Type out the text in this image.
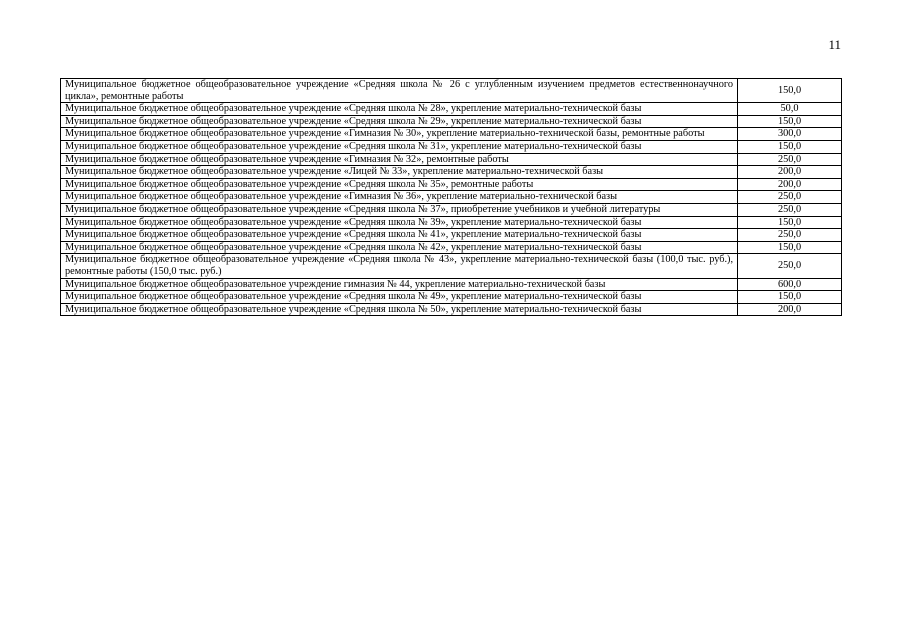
11
Муниципальное бюджетное общеобразовательное учреждение «Средняя школа № 26 с углубленным изучением предметов естественнонаучного цикла», ремонтные работы	150,0
Муниципальное бюджетное общеобразовательное учреждение «Средняя школа № 28», укрепление материально-технической базы	50,0
Муниципальное бюджетное общеобразовательное учреждение «Средняя школа № 29», укрепление материально-технической базы	150,0
Муниципальное бюджетное общеобразовательное учреждение «Гимназия № 30», укрепление материально-технической базы, ремонтные работы	300,0
Муниципальное бюджетное общеобразовательное учреждение «Средняя школа № 31», укрепление материально-технической базы	150,0
Муниципальное бюджетное общеобразовательное учреждение «Гимназия № 32», ремонтные работы	250,0
Муниципальное бюджетное общеобразовательное учреждение «Лицей № 33», укрепление материально-технической базы	200,0
Муниципальное бюджетное общеобразовательное учреждение «Средняя школа № 35», ремонтные работы	200,0
Муниципальное бюджетное общеобразовательное учреждение «Гимназия № 36», укрепление материально-технической базы	250,0
Муниципальное бюджетное общеобразовательное учреждение «Средняя школа № 37», приобретение учебников и учебной литературы	250,0
Муниципальное бюджетное общеобразовательное учреждение «Средняя школа № 39», укрепление материально-технической базы	150,0
Муниципальное бюджетное общеобразовательное учреждение «Средняя школа № 41», укрепление материально-технической базы	250,0
Муниципальное бюджетное общеобразовательное учреждение «Средняя школа № 42», укрепление материально-технической базы	150,0
Муниципальное бюджетное общеобразовательное учреждение «Средняя школа № 43», укрепление материально-технической базы (100,0 тыс. руб.), ремонтные работы (150,0 тыс. руб.)	250,0
Муниципальное бюджетное общеобразовательное учреждение гимназия № 44, укрепление материально-технической базы	600,0
Муниципальное бюджетное общеобразовательное учреждение «Средняя школа № 49», укрепление материально-технической базы	150,0
Муниципальное бюджетное общеобразовательное учреждение «Средняя школа № 50», укрепление материально-технической базы	200,0
